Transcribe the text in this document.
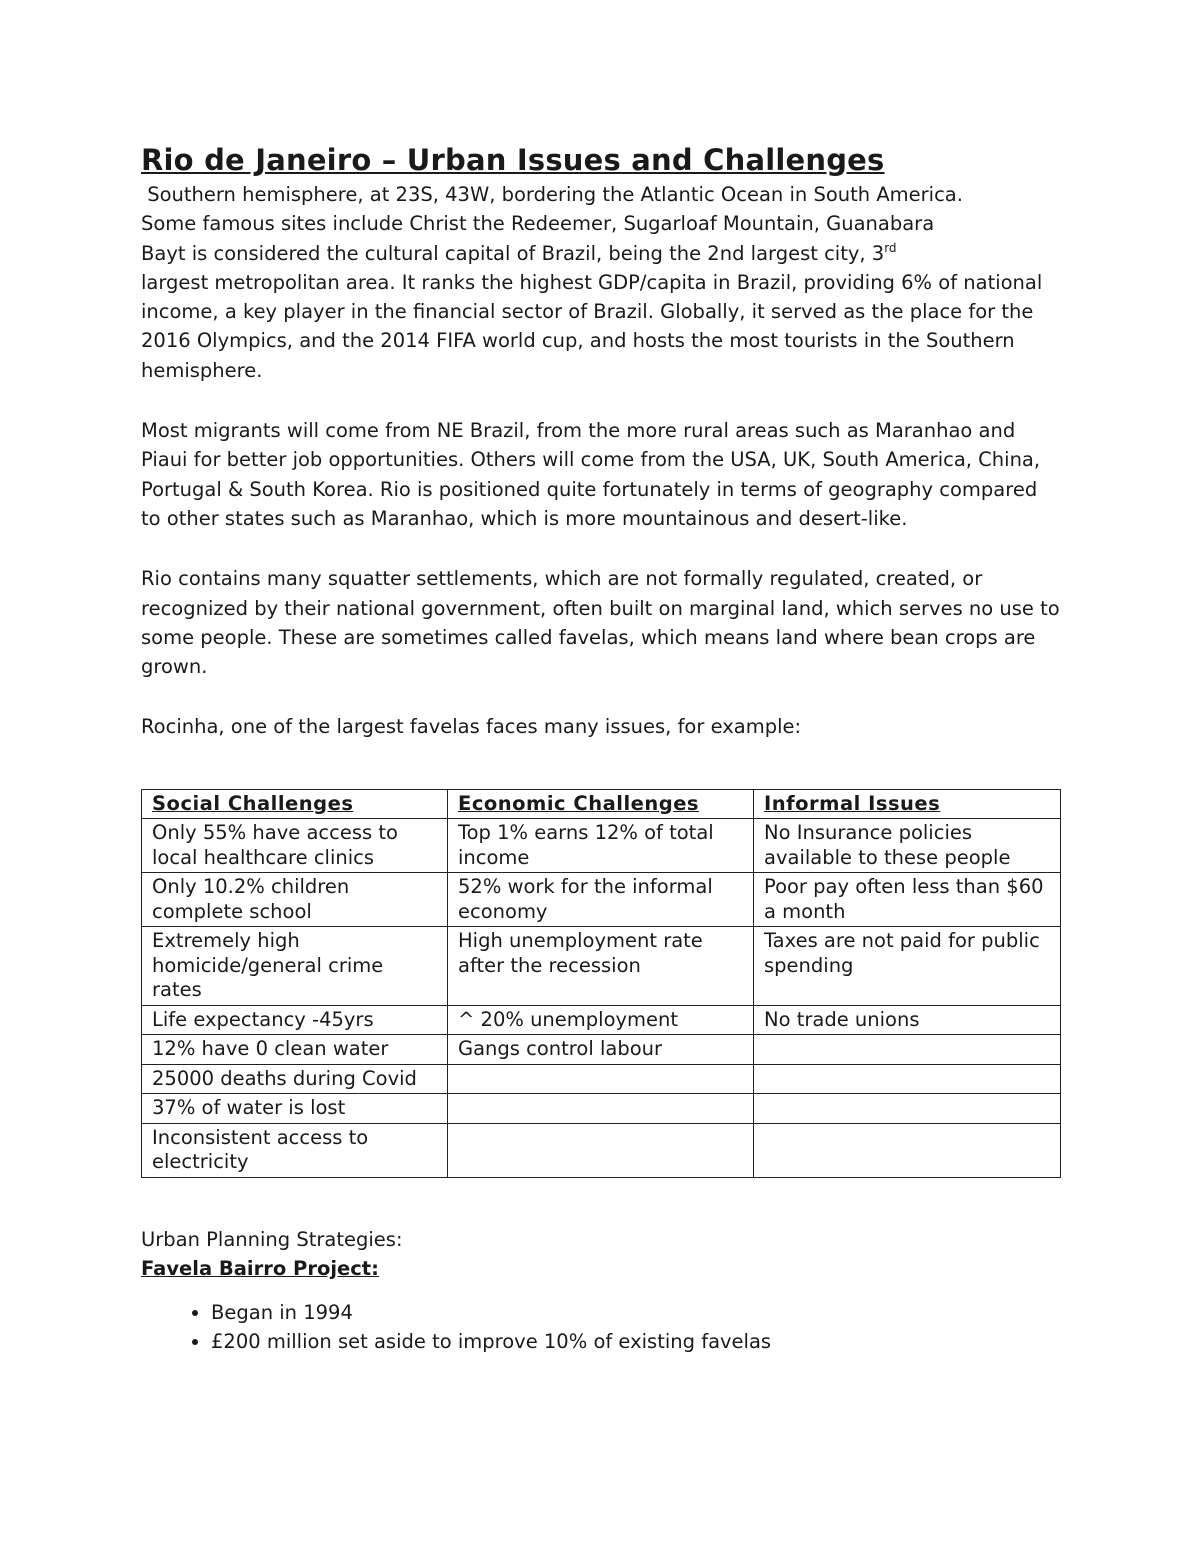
Rio de Janeiro – Urban Issues and Challenges

Southern hemisphere, at 23S, 43W, bordering the Atlantic Ocean in South America.
Some famous sites include Christ the Redeemer, Sugarloaf Mountain, Guanabara
Bayt is considered the cultural capital of Brazil, being the 2nd largest city, 3rd
largest metropolitan area. It ranks the highest GDP/capita in Brazil, providing 6% of national income, a key player in the financial sector of Brazil. Globally, it served as the place for the 2016 Olympics, and the 2014 FIFA world cup, and hosts the most tourists in the Southern hemisphere.

Most migrants will come from NE Brazil, from the more rural areas such as Maranhao and Piaui for better job opportunities. Others will come from the USA, UK, South America, China, Portugal & South Korea. Rio is positioned quite fortunately in terms of geography compared to other states such as Maranhao, which is more mountainous and desert-like.

Rio contains many squatter settlements, which are not formally regulated, created, or recognized by their national government, often built on marginal land, which serves no use to some people. These are sometimes called favelas, which means land where bean crops are grown.

Rocinha, one of the largest favelas faces many issues, for example:

Social Challenges	Economic Challenges	Informal Issues
Only 55% have access to local healthcare clinics	Top 1% earns 12% of total income	No Insurance policies available to these people
Only 10.2% children complete school	52% work for the informal economy	Poor pay often less than $60 a month
Extremely high homicide/general crime rates	High unemployment rate after the recession	Taxes are not paid for public spending
Life expectancy -45yrs	^ 20% unemployment	No trade unions
12% have 0 clean water	Gangs control labour	
25000 deaths during Covid		
37% of water is lost		
Inconsistent access to electricity		

Urban Planning Strategies:

Favela Bairro Project:
• Began in 1994
• £200 million set aside to improve 10% of existing favelas
